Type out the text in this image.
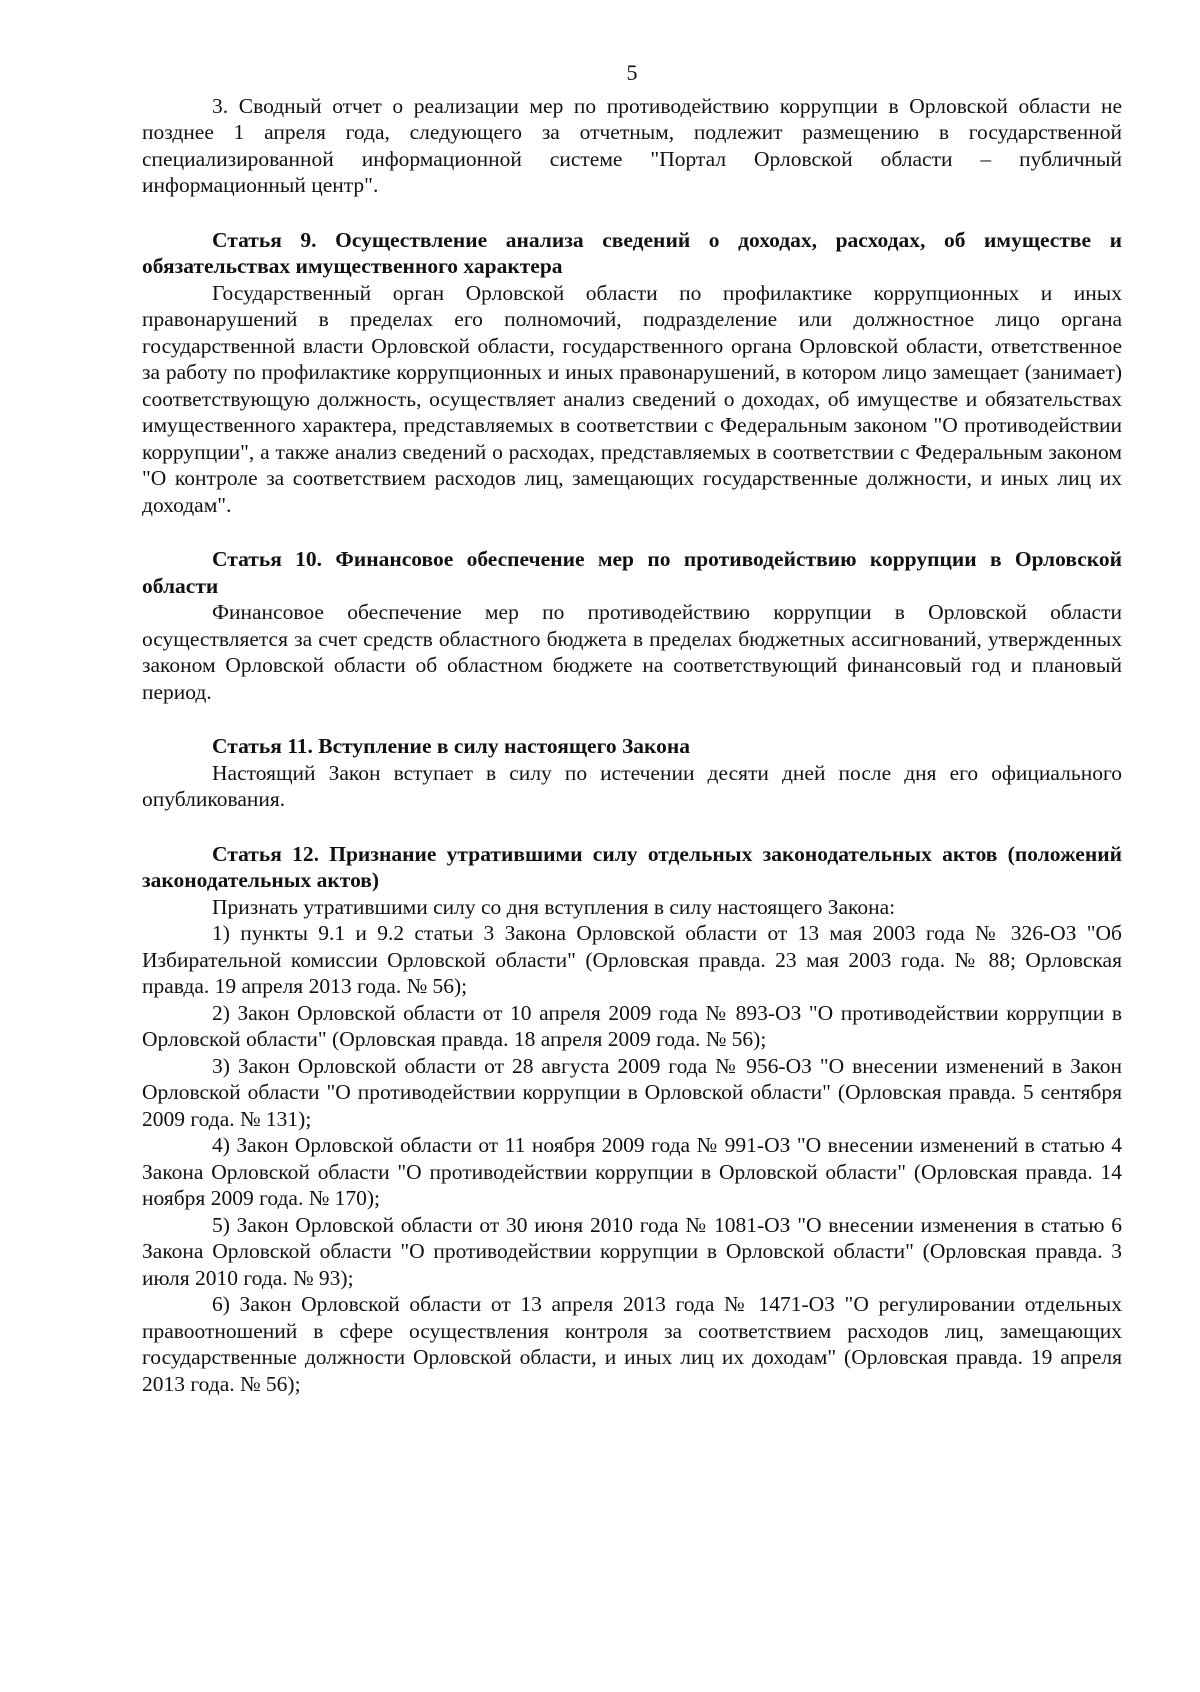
5

3. Сводный отчет о реализации мер по противодействию коррупции в Орловской области не позднее 1 апреля года, следующего за отчетным, подлежит размещению в государственной специализированной информационной системе "Портал Орловской области – публичный информационный центр".

Статья 9. Осуществление анализа сведений о доходах, расходах, об имуществе и обязательствах имущественного характера

Государственный орган Орловской области по профилактике коррупционных и иных правонарушений в пределах его полномочий, подразделение или должностное лицо органа государственной власти Орловской области, государственного органа Орловской области, ответственное за работу по профилактике коррупционных и иных правонарушений, в котором лицо замещает (занимает) соответствующую должность, осуществляет анализ сведений о доходах, об имуществе и обязательствах имущественного характера, представляемых в соответствии с Федеральным законом "О противодействии коррупции", а также анализ сведений о расходах, представляемых в соответствии с Федеральным законом "О контроле за соответствием расходов лиц, замещающих государственные должности, и иных лиц их доходам".

Статья 10. Финансовое обеспечение мер по противодействию коррупции в Орловской области

Финансовое обеспечение мер по противодействию коррупции в Орловской области осуществляется за счет средств областного бюджета в пределах бюджетных ассигнований, утвержденных законом Орловской области об областном бюджете на соответствующий финансовый год и плановый период.

Статья 11. Вступление в силу настоящего Закона

Настоящий Закон вступает в силу по истечении десяти дней после дня его официального опубликования.

Статья 12. Признание утратившими силу отдельных законодательных актов (положений законодательных актов)

Признать утратившими силу со дня вступления в силу настоящего Закона:

1) пункты 9.1 и 9.2 статьи 3 Закона Орловской области от 13 мая 2003 года № 326-ОЗ "Об Избирательной комиссии Орловской области" (Орловская правда. 23 мая 2003 года. № 88; Орловская правда. 19 апреля 2013 года. № 56);

2) Закон Орловской области от 10 апреля 2009 года № 893-ОЗ "О противодействии коррупции в Орловской области" (Орловская правда. 18 апреля 2009 года. № 56);

3) Закон Орловской области от 28 августа 2009 года № 956-ОЗ "О внесении изменений в Закон Орловской области "О противодействии коррупции в Орловской области" (Орловская правда. 5 сентября 2009 года. № 131);

4) Закон Орловской области от 11 ноября 2009 года № 991-ОЗ "О внесении изменений в статью 4 Закона Орловской области "О противодействии коррупции в Орловской области" (Орловская правда. 14 ноября 2009 года. № 170);

5) Закон Орловской области от 30 июня 2010 года № 1081-ОЗ "О внесении изменения в статью 6 Закона Орловской области "О противодействии коррупции в Орловской области" (Орловская правда. 3 июля 2010 года. № 93);

6) Закон Орловской области от 13 апреля 2013 года № 1471-ОЗ "О регулировании отдельных правоотношений в сфере осуществления контроля за соответствием расходов лиц, замещающих государственные должности Орловской области, и иных лиц их доходам" (Орловская правда. 19 апреля 2013 года. № 56);
